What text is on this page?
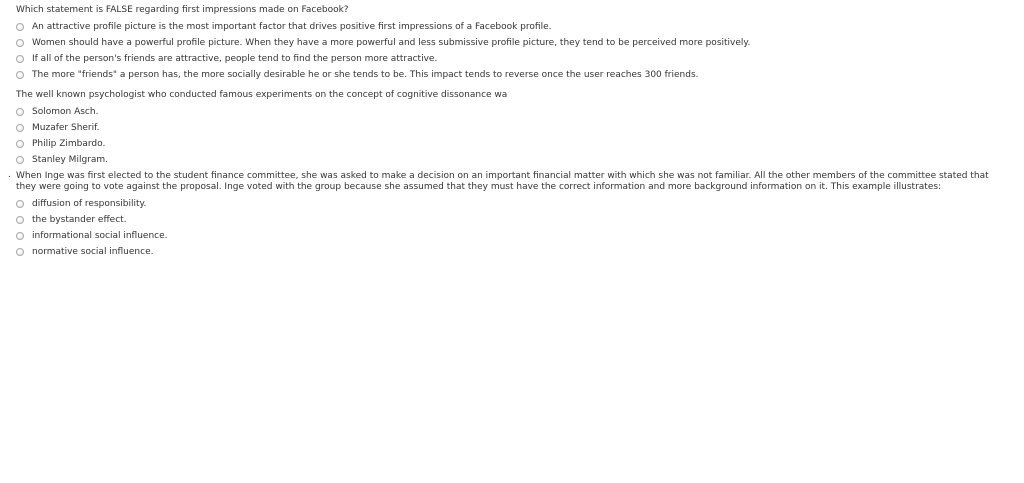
Which statement is FALSE regarding first impressions made on Facebook?
An attractive profile picture is the most important factor that drives positive first impressions of a Facebook profile.
Women should have a powerful profile picture. When they have a more powerful and less submissive profile picture, they tend to be perceived more positively.
If all of the person's friends are attractive, people tend to find the person more attractive.
The more "friends" a person has, the more socially desirable he or she tends to be. This impact tends to reverse once the user reaches 300 friends.
The well known psychologist who conducted famous experiments on the concept of cognitive dissonance wa
Solomon Asch.
Muzafer Sherif.
Philip Zimbardo.
Stanley Milgram.
. When Inge was first elected to the student finance committee, she was asked to make a decision on an important financial matter with which she was not familiar. All the other members of the committee stated that they were going to vote against the proposal. Inge voted with the group because she assumed that they must have the correct information and more background information on it. This example illustrates:
diffusion of responsibility.
the bystander effect.
informational social influence.
normative social influence.
